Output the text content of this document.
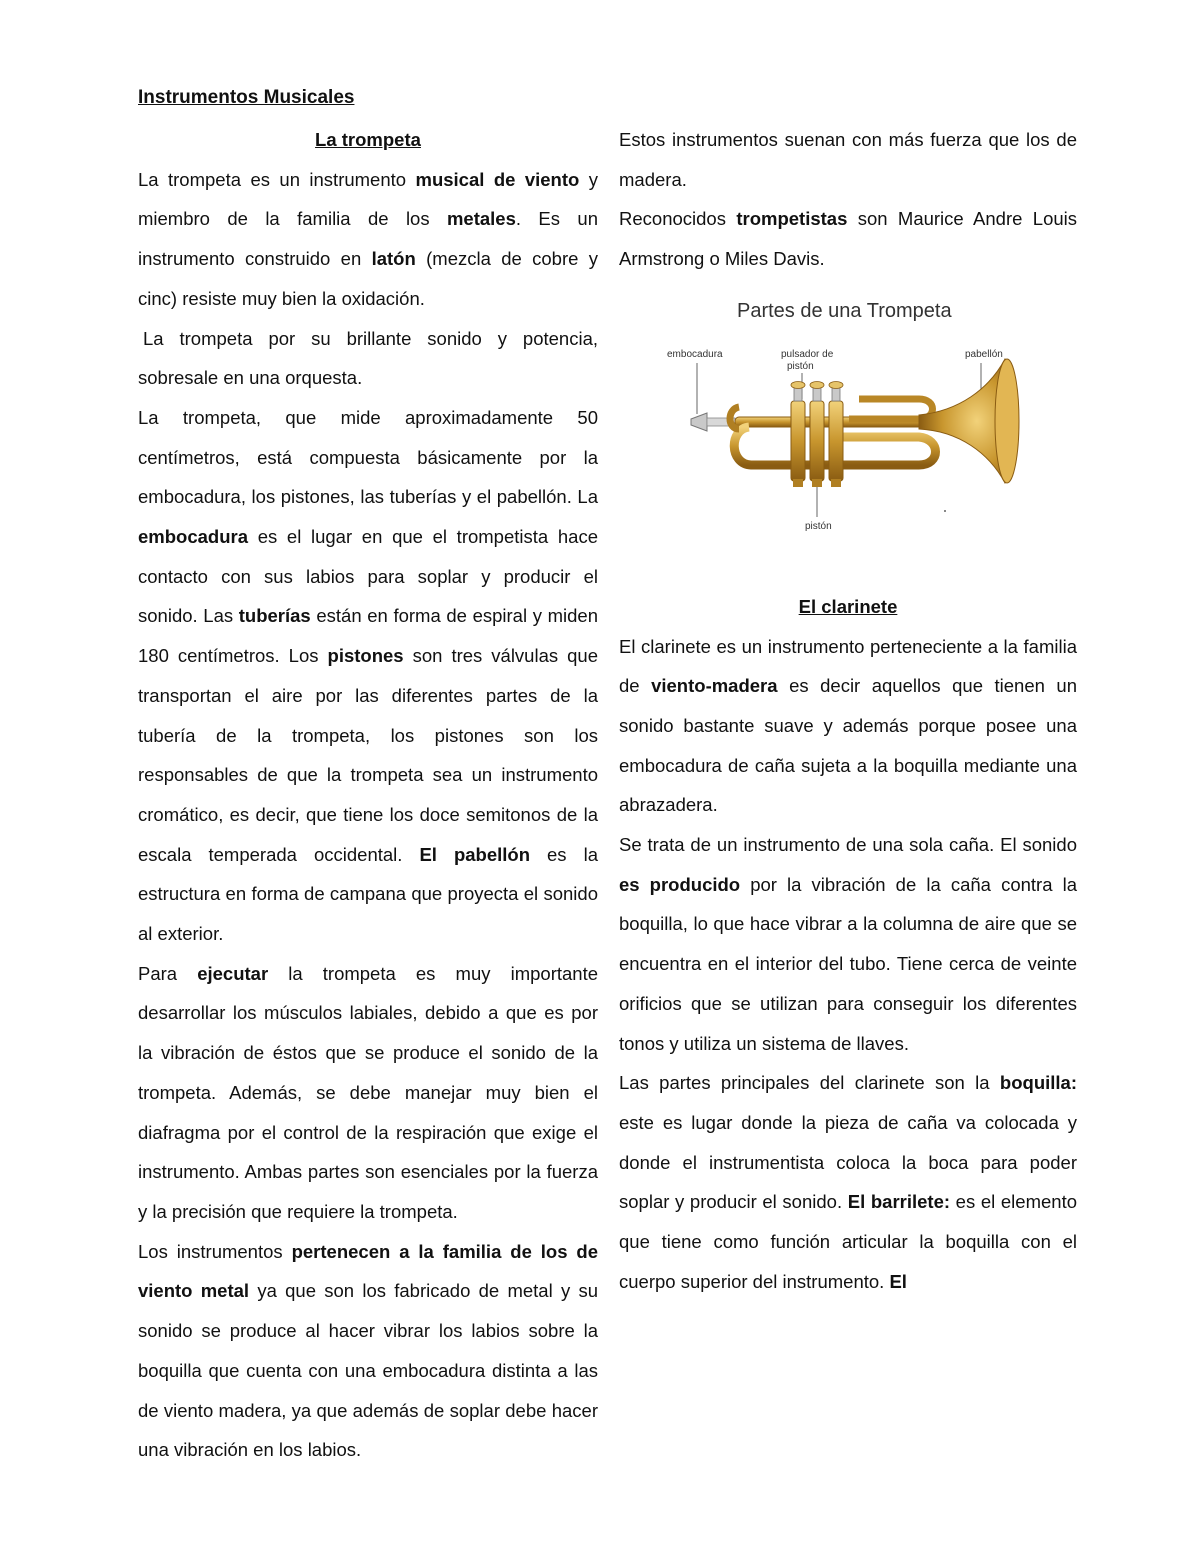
Instrumentos Musicales

La trompeta

La trompeta es un instrumento musical de viento y miembro de la familia de los metales. Es un instrumento construido en latón (mezcla de cobre y cinc) resiste muy bien la oxidación.

La trompeta por su brillante sonido y potencia, sobresale en una orquesta.

La trompeta, que mide aproximadamente 50 centímetros, está compuesta básicamente por la embocadura, los pistones, las tuberías y el pabellón. La embocadura es el lugar en que el trompetista hace contacto con sus labios para soplar y producir el sonido. Las tuberías están en forma de espiral y miden 180 centímetros. Los pistones son tres válvulas que transportan el aire por las diferentes partes de la tubería de la trompeta, los pistones son los responsables de que la trompeta sea un instrumento cromático, es decir, que tiene los doce semitonos de la escala temperada occidental. El pabellón es la estructura en forma de campana que proyecta el sonido al exterior.

Para ejecutar la trompeta es muy importante desarrollar los músculos labiales, debido a que es por la vibración de éstos que se produce el sonido de la trompeta. Además, se debe manejar muy bien el diafragma por el control de la respiración que exige el instrumento. Ambas partes son esenciales por la fuerza y la precisión que requiere la trompeta.

Los instrumentos pertenecen a la familia de los de viento metal ya que son los fabricado de metal y su sonido se produce al hacer vibrar los labios sobre la boquilla que cuenta con una embocadura distinta a las de viento madera, ya que además de soplar debe hacer una vibración en los labios.

Estos instrumentos suenan con más fuerza que los de madera.

Reconocidos trompetistas son Maurice Andre Louis Armstrong o Miles Davis.

Partes de una Trompeta
embocadura	pulsador de
pistón
pabellón
pistón

El clarinete

El clarinete es un instrumento perteneciente a la familia de viento-madera es decir aquellos que tienen un sonido bastante suave y además porque posee una embocadura de caña sujeta a la boquilla mediante una abrazadera.

Se trata de un instrumento de una sola caña. El sonido es producido por la vibración de la caña contra la boquilla, lo que hace vibrar a la columna de aire que se encuentra en el interior del tubo. Tiene cerca de veinte orificios que se utilizan para conseguir los diferentes tonos y utiliza un sistema de llaves.

Las partes principales del clarinete son la boquilla: este es lugar donde la pieza de caña va colocada y donde el instrumentista coloca la boca para poder soplar y producir el sonido. El barrilete: es el elemento que tiene como función articular la boquilla con el cuerpo superior del instrumento. El
